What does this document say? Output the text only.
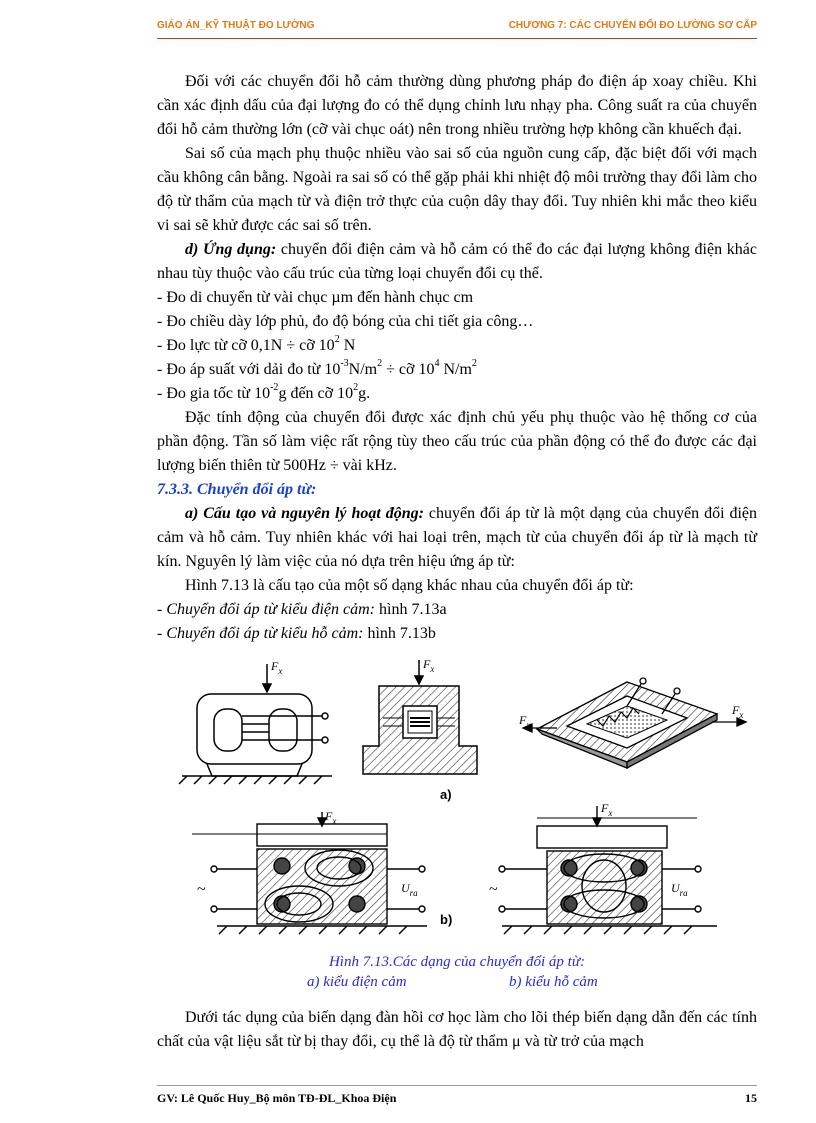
GIÁO ÁN_KỸ THUẬT ĐO LƯỜNG	CHƯƠNG 7: CÁC CHUYỂN ĐỔI ĐO LƯỜNG SƠ CẤP

Đối với các chuyển đổi hỗ cảm thường dùng phương pháp đo điện áp xoay chiều. Khi cần xác định dấu của đại lượng đo có thể dụng chỉnh lưu nhạy pha. Công suất ra của chuyển đổi hỗ cảm thường lớn (cỡ vài chục oát) nên trong nhiều trường hợp không cần khuếch đại.

Sai số của mạch phụ thuộc nhiều vào sai số của nguồn cung cấp, đặc biệt đối với mạch cầu không cân bằng. Ngoài ra sai số có thể gặp phải khi nhiệt độ môi trường thay đổi làm cho độ từ thẩm của mạch từ và điện trở thực của cuộn dây thay đổi. Tuy nhiên khi mắc theo kiểu vi sai sẽ khử được các sai số trên.

d) Ứng dụng: chuyển đổi điện cảm và hỗ cảm có thể đo các đại lượng không điện khác nhau tùy thuộc vào cấu trúc của từng loại chuyển đổi cụ thể.

- Đo di chuyển từ vài chục µm đến hành chục cm

- Đo chiều dày lớp phủ, đo độ bóng của chi tiết gia công…

- Đo lực từ cỡ 0,1N ÷ cỡ $10^2$ N

- Đo áp suất với dải đo từ $10^{-3}N/m^2$ ÷ cỡ $10^4$ $N/m^2$

- Đo gia tốc từ $10^{-2}g$ đến cỡ $10^2g$.

Đặc tính động của chuyển đổi được xác định chủ yếu phụ thuộc vào hệ thống cơ của phần động. Tần số làm việc rất rộng tùy theo cấu trúc của phần động có thể đo được các đại lượng biến thiên từ 500Hz ÷ vài kHz.

7.3.3. Chuyển đổi áp từ:

a) Cấu tạo và nguyên lý hoạt động: chuyển đổi áp từ là một dạng của chuyển đổi điện cảm và hỗ cảm. Tuy nhiên khác với hai loại trên, mạch từ của chuyển đổi áp từ là mạch từ kín. Nguyên lý làm việc của nó dựa trên hiệu ứng áp từ:

Hình 7.13 là cấu tạo của một số dạng khác nhau của chuyển đổi áp từ:

- Chuyển đổi áp từ kiểu điện cảm: hình 7.13a

- Chuyển đổi áp từ kiểu hỗ cảm: hình 7.13b

$F_x$	$F_x$
$F_x$
$F_x$
a)
$F_x$
~	$U_{ra}$
$F_x$
~	$U_{ra}$
b)

Hình 7.13.Các dạng của chuyển đổi áp từ:

a) kiểu điện cảm	b) kiểu hỗ cảm

Dưới tác dụng của biến dạng đàn hồi cơ học làm cho lõi thép biến dạng dẫn đến các tính chất của vật liệu sắt từ bị thay đổi, cụ thể là độ từ thẩm μ và từ trở của mạch

GV: Lê Quốc Huy_Bộ môn TĐ-ĐL_Khoa Điện	15
